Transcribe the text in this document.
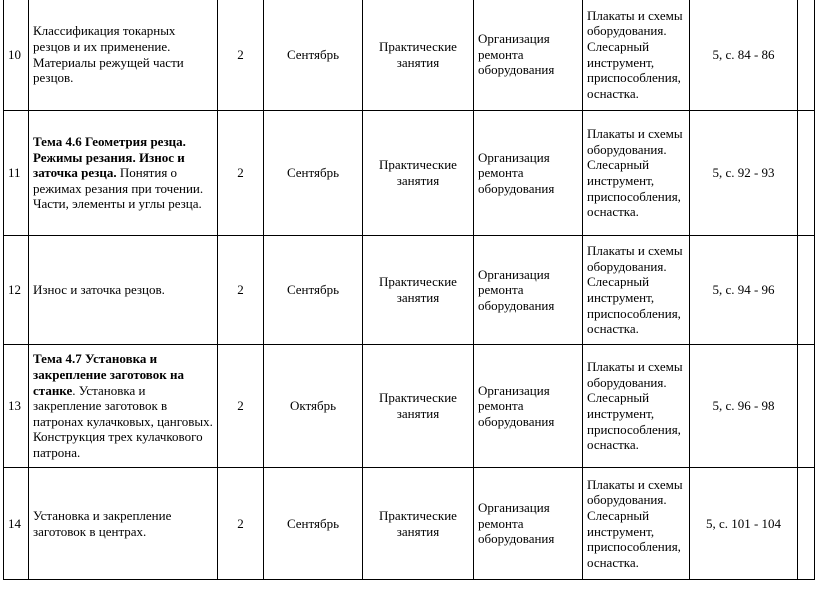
10	Классификация токарных резцов и их применение. Материалы режущей части резцов.	2	Сентябрь	Практические занятия	Организация ремонта оборудования	Плакаты и схемы оборудования. Слесарный инструмент, приспособления, оснастка.	5, с. 84 - 86	
11	Тема 4.6 Геометрия резца. Режимы резания. Износ и заточка резца. Понятия о режимах резания при точении. Части, элементы и углы резца.	2	Сентябрь	Практические занятия	Организация ремонта оборудования	Плакаты и схемы оборудования. Слесарный инструмент, приспособления, оснастка.	5, с. 92 - 93	
12	Износ и заточка резцов.	2	Сентябрь	Практические занятия	Организация ремонта оборудования	Плакаты и схемы оборудования. Слесарный инструмент, приспособления, оснастка.	5, с. 94 - 96	
13	Тема 4.7 Установка и закрепление заготовок на станке. Установка и закрепление заготовок в патронах кулачковых, цанговых. Конструкция трех кулачкового патрона.	2	Октябрь	Практические занятия	Организация ремонта оборудования	Плакаты и схемы оборудования. Слесарный инструмент, приспособления, оснастка.	5, с. 96 - 98	
14	Установка и закрепление заготовок в центрах.	2	Сентябрь	Практические занятия	Организация ремонта оборудования	Плакаты и схемы оборудования. Слесарный инструмент, приспособления, оснастка.	5, с. 101 - 104	
